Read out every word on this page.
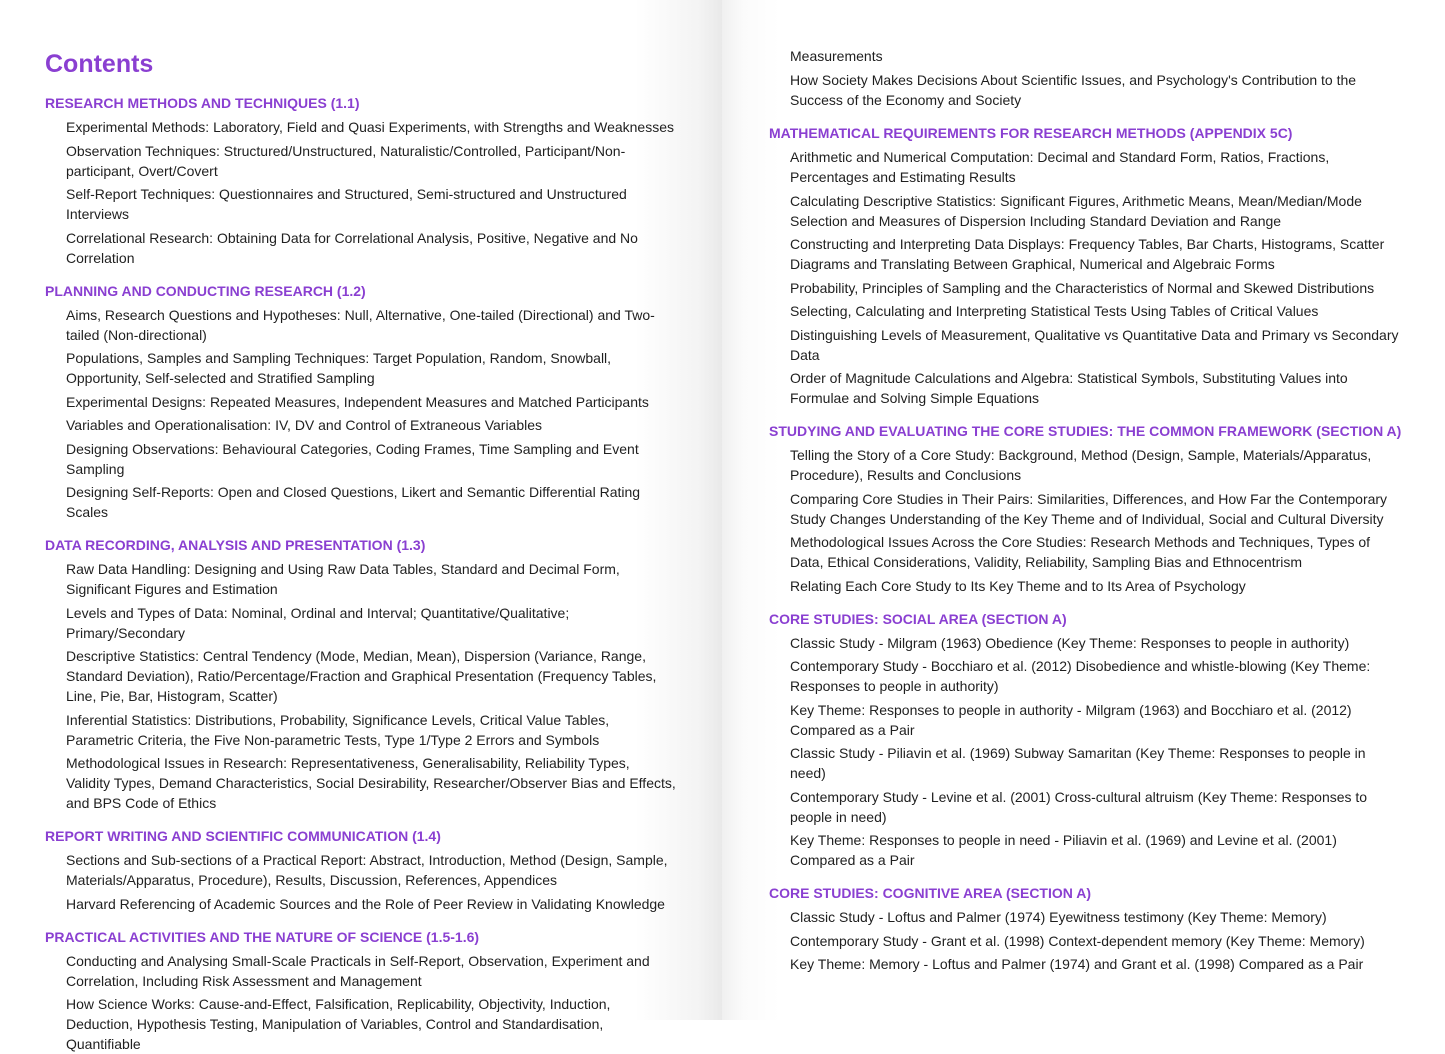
Contents
RESEARCH METHODS AND TECHNIQUES (1.1)
Experimental Methods: Laboratory, Field and Quasi Experiments, with Strengths and Weaknesses
Observation Techniques: Structured/Unstructured, Naturalistic/Controlled, Participant/Non-participant, Overt/Covert
Self-Report Techniques: Questionnaires and Structured, Semi-structured and Unstructured Interviews
Correlational Research: Obtaining Data for Correlational Analysis, Positive, Negative and No Correlation
PLANNING AND CONDUCTING RESEARCH (1.2)
Aims, Research Questions and Hypotheses: Null, Alternative, One-tailed (Directional) and Two-tailed (Non-directional)
Populations, Samples and Sampling Techniques: Target Population, Random, Snowball, Opportunity, Self-selected and Stratified Sampling
Experimental Designs: Repeated Measures, Independent Measures and Matched Participants
Variables and Operationalisation: IV, DV and Control of Extraneous Variables
Designing Observations: Behavioural Categories, Coding Frames, Time Sampling and Event Sampling
Designing Self-Reports: Open and Closed Questions, Likert and Semantic Differential Rating Scales
DATA RECORDING, ANALYSIS AND PRESENTATION (1.3)
Raw Data Handling: Designing and Using Raw Data Tables, Standard and Decimal Form, Significant Figures and Estimation
Levels and Types of Data: Nominal, Ordinal and Interval; Quantitative/Qualitative; Primary/Secondary
Descriptive Statistics: Central Tendency (Mode, Median, Mean), Dispersion (Variance, Range, Standard Deviation), Ratio/Percentage/Fraction and Graphical Presentation (Frequency Tables, Line, Pie, Bar, Histogram, Scatter)
Inferential Statistics: Distributions, Probability, Significance Levels, Critical Value Tables, Parametric Criteria, the Five Non-parametric Tests, Type 1/Type 2 Errors and Symbols
Methodological Issues in Research: Representativeness, Generalisability, Reliability Types, Validity Types, Demand Characteristics, Social Desirability, Researcher/Observer Bias and Effects, and BPS Code of Ethics
REPORT WRITING AND SCIENTIFIC COMMUNICATION (1.4)
Sections and Sub-sections of a Practical Report: Abstract, Introduction, Method (Design, Sample, Materials/Apparatus, Procedure), Results, Discussion, References, Appendices
Harvard Referencing of Academic Sources and the Role of Peer Review in Validating Knowledge
PRACTICAL ACTIVITIES AND THE NATURE OF SCIENCE (1.5-1.6)
Conducting and Analysing Small-Scale Practicals in Self-Report, Observation, Experiment and Correlation, Including Risk Assessment and Management
How Science Works: Cause-and-Effect, Falsification, Replicability, Objectivity, Induction, Deduction, Hypothesis Testing, Manipulation of Variables, Control and Standardisation, Quantifiable
Measurements
How Society Makes Decisions About Scientific Issues, and Psychology's Contribution to the Success of the Economy and Society
MATHEMATICAL REQUIREMENTS FOR RESEARCH METHODS (APPENDIX 5C)
Arithmetic and Numerical Computation: Decimal and Standard Form, Ratios, Fractions, Percentages and Estimating Results
Calculating Descriptive Statistics: Significant Figures, Arithmetic Means, Mean/Median/Mode Selection and Measures of Dispersion Including Standard Deviation and Range
Constructing and Interpreting Data Displays: Frequency Tables, Bar Charts, Histograms, Scatter Diagrams and Translating Between Graphical, Numerical and Algebraic Forms
Probability, Principles of Sampling and the Characteristics of Normal and Skewed Distributions
Selecting, Calculating and Interpreting Statistical Tests Using Tables of Critical Values
Distinguishing Levels of Measurement, Qualitative vs Quantitative Data and Primary vs Secondary Data
Order of Magnitude Calculations and Algebra: Statistical Symbols, Substituting Values into Formulae and Solving Simple Equations
STUDYING AND EVALUATING THE CORE STUDIES: THE COMMON FRAMEWORK (SECTION A)
Telling the Story of a Core Study: Background, Method (Design, Sample, Materials/Apparatus, Procedure), Results and Conclusions
Comparing Core Studies in Their Pairs: Similarities, Differences, and How Far the Contemporary Study Changes Understanding of the Key Theme and of Individual, Social and Cultural Diversity
Methodological Issues Across the Core Studies: Research Methods and Techniques, Types of Data, Ethical Considerations, Validity, Reliability, Sampling Bias and Ethnocentrism
Relating Each Core Study to Its Key Theme and to Its Area of Psychology
CORE STUDIES: SOCIAL AREA (SECTION A)
Classic Study - Milgram (1963) Obedience (Key Theme: Responses to people in authority)
Contemporary Study - Bocchiaro et al. (2012) Disobedience and whistle-blowing (Key Theme: Responses to people in authority)
Key Theme: Responses to people in authority - Milgram (1963) and Bocchiaro et al. (2012) Compared as a Pair
Classic Study - Piliavin et al. (1969) Subway Samaritan (Key Theme: Responses to people in need)
Contemporary Study - Levine et al. (2001) Cross-cultural altruism (Key Theme: Responses to people in need)
Key Theme: Responses to people in need - Piliavin et al. (1969) and Levine et al. (2001) Compared as a Pair
CORE STUDIES: COGNITIVE AREA (SECTION A)
Classic Study - Loftus and Palmer (1974) Eyewitness testimony (Key Theme: Memory)
Contemporary Study - Grant et al. (1998) Context-dependent memory (Key Theme: Memory)
Key Theme: Memory - Loftus and Palmer (1974) and Grant et al. (1998) Compared as a Pair
